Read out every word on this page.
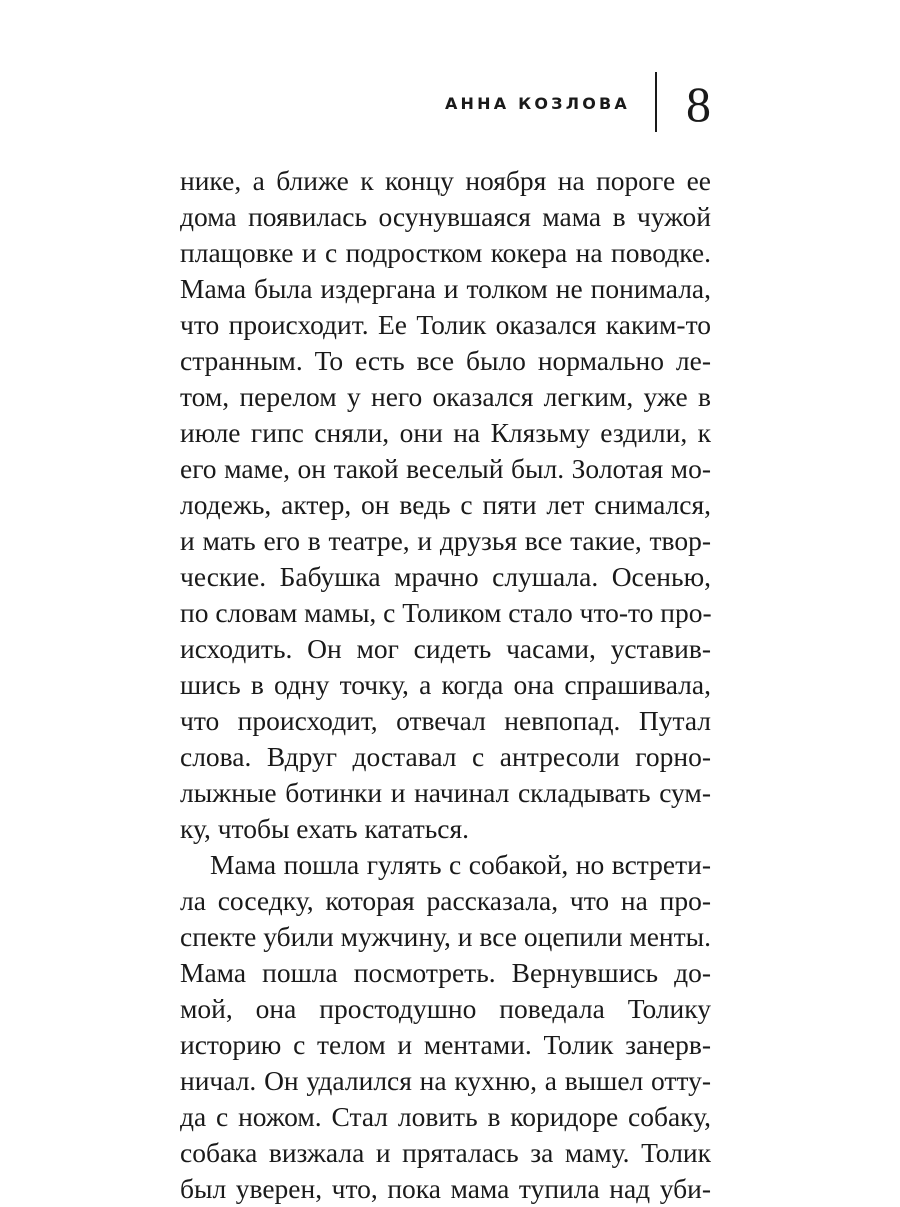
АННА КОЗЛОВА 8
нике, а ближе к концу ноября на пороге ее
дома появилась осунувшаяся мама в чужой
плащовке и с подростком кокера на поводке.
Мама была издергана и толком не понимала,
что происходит. Ее Толик оказался каким-то
странным. То есть все было нормально ле-
том, перелом у него оказался легким, уже в
июле гипс сняли, они на Клязьму ездили, к
его маме, он такой веселый был. Золотая мо-
лодежь, актер, он ведь с пяти лет снимался,
и мать его в театре, и друзья все такие, твор-
ческие. Бабушка мрачно слушала. Осенью,
по словам мамы, с Толиком стало что-то про-
исходить. Он мог сидеть часами, уставив-
шись в одну точку, а когда она спрашивала,
что происходит, отвечал невпопад. Путал
слова. Вдруг доставал с антресоли горно-
лыжные ботинки и начинал складывать сум-
ку, чтобы ехать кататься.
Мама пошла гулять с собакой, но встрети-
ла соседку, которая рассказала, что на про-
спекте убили мужчину, и все оцепили менты.
Мама пошла посмотреть. Вернувшись до-
мой, она простодушно поведала Толику
историю с телом и ментами. Толик занерв-
ничал. Он удалился на кухню, а вышел отту-
да с ножом. Стал ловить в коридоре собаку,
собака визжала и пряталась за маму. Толик
был уверен, что, пока мама тупила над уби-
